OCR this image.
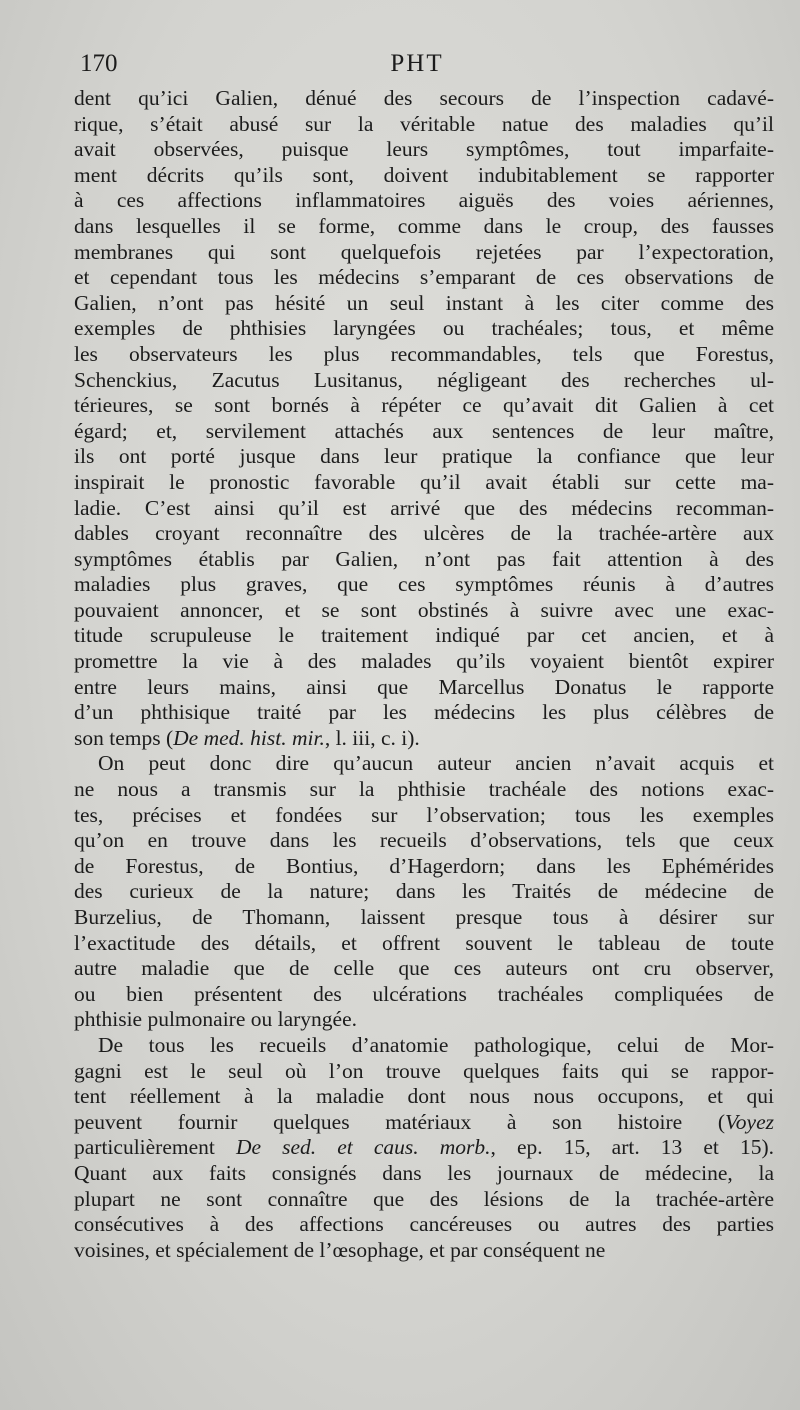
170	PHT
dent qu’ici Galien, dénué des secours de l’inspection cadavé-
rique, s’était abusé sur la véritable natue des maladies qu’il
avait observées, puisque leurs symptômes, tout imparfaite-
ment décrits qu’ils sont, doivent indubitablement se rapporter
à ces affections inflammatoires aiguës des voies aériennes,
dans lesquelles il se forme, comme dans le croup, des fausses
membranes qui sont quelquefois rejetées par l’expectoration,
et cependant tous les médecins s’emparant de ces observations de
Galien, n’ont pas hésité un seul instant à les citer comme des
exemples de phthisies laryngées ou trachéales; tous, et même
les observateurs les plus recommandables, tels que Forestus,
Schenckius, Zacutus Lusitanus, négligeant des recherches ul-
térieures, se sont bornés à répéter ce qu’avait dit Galien à cet
égard; et, servilement attachés aux sentences de leur maître,
ils ont porté jusque dans leur pratique la confiance que leur
inspirait le pronostic favorable qu’il avait établi sur cette ma-
ladie. C’est ainsi qu’il est arrivé que des médecins recomman-
dables croyant reconnaître des ulcères de la trachée-artère aux
symptômes établis par Galien, n’ont pas fait attention à des
maladies plus graves, que ces symptômes réunis à d’autres
pouvaient annoncer, et se sont obstinés à suivre avec une exac-
titude scrupuleuse le traitement indiqué par cet ancien, et à
promettre la vie à des malades qu’ils voyaient bientôt expirer
entre leurs mains, ainsi que Marcellus Donatus le rapporte
d’un phthisique traité par les médecins les plus célèbres de
son temps (De med. hist. mir., l. iii, c. i).
On peut donc dire qu’aucun auteur ancien n’avait acquis et
ne nous a transmis sur la phthisie trachéale des notions exac-
tes, précises et fondées sur l’observation; tous les exemples
qu’on en trouve dans les recueils d’observations, tels que ceux
de Forestus, de Bontius, d’Hagerdorn; dans les Ephémérides
des curieux de la nature; dans les Traités de médecine de
Burzelius, de Thomann, laissent presque tous à désirer sur
l’exactitude des détails, et offrent souvent le tableau de toute
autre maladie que de celle que ces auteurs ont cru observer,
ou bien présentent des ulcérations trachéales compliquées de
phthisie pulmonaire ou laryngée.
De tous les recueils d’anatomie pathologique, celui de Mor-
gagni est le seul où l’on trouve quelques faits qui se rappor-
tent réellement à la maladie dont nous nous occupons, et qui
peuvent fournir quelques matériaux à son histoire (Voyez
particulièrement De sed. et caus. morb., ep. 15, art. 13 et 15).
Quant aux faits consignés dans les journaux de médecine, la
plupart ne sont connaître que des lésions de la trachée-artère
consécutives à des affections cancéreuses ou autres des parties
voisines, et spécialement de l’œsophage, et par conséquent ne
